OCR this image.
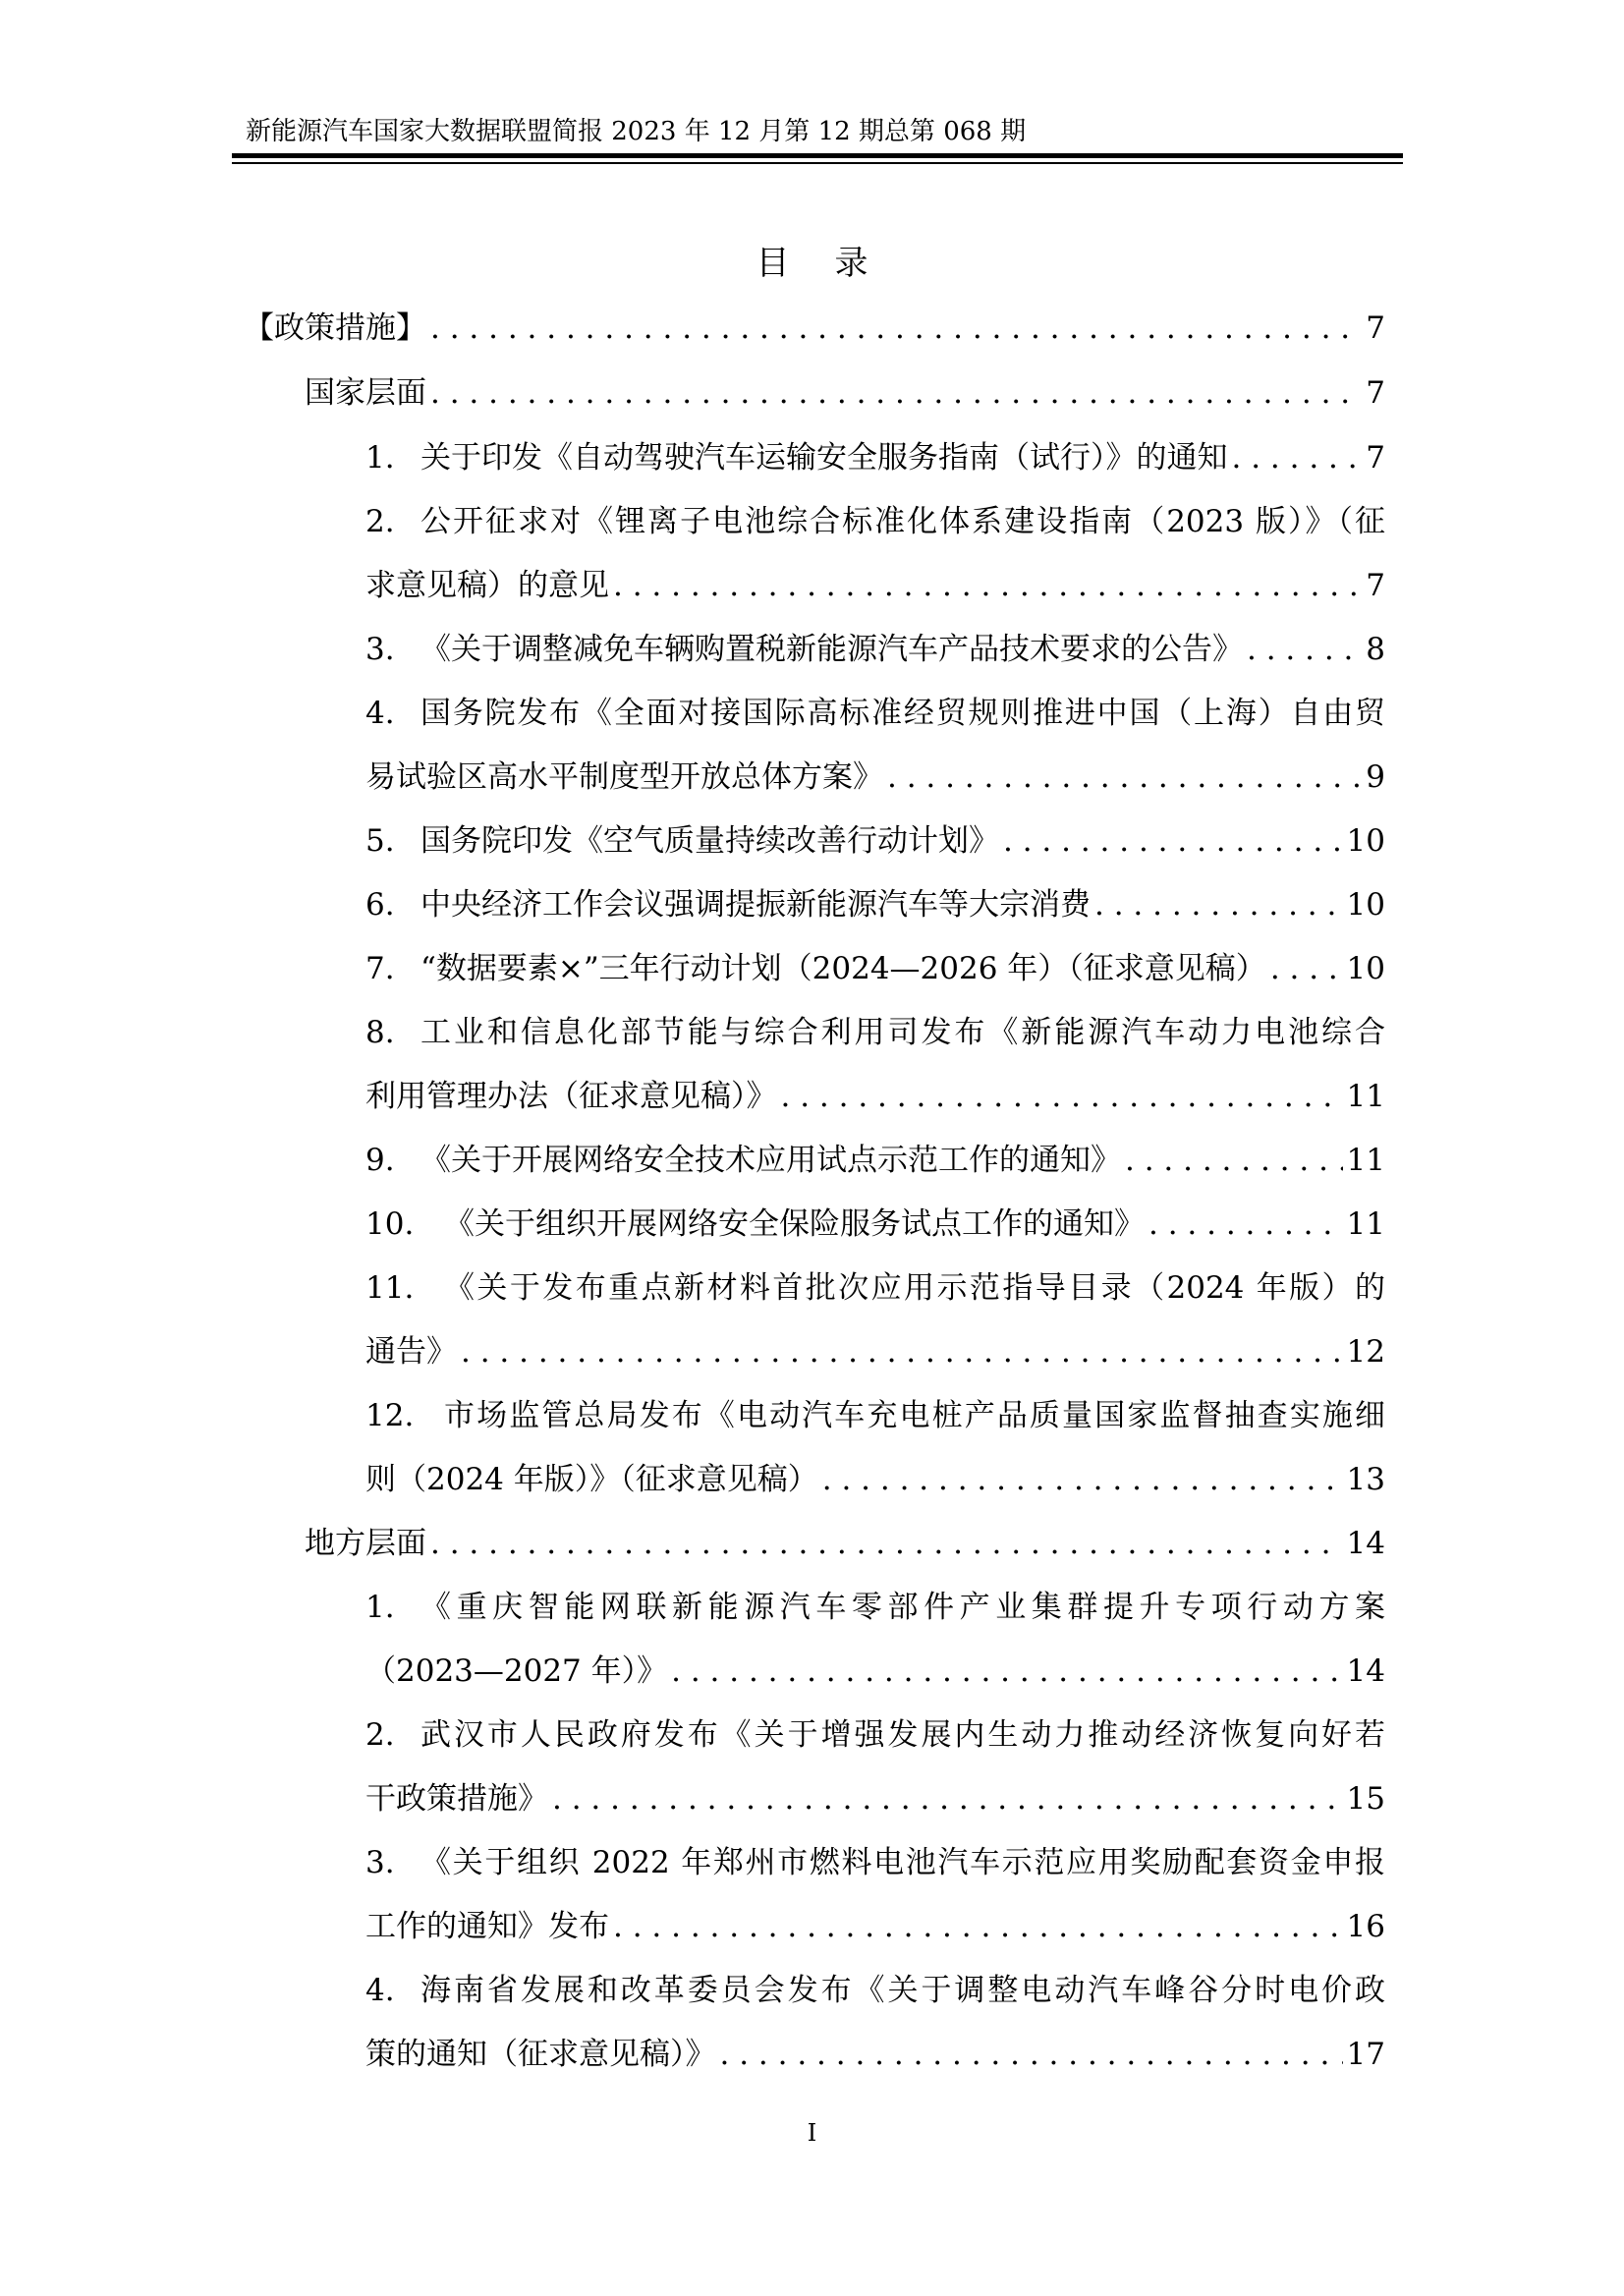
新能源汽车国家大数据联盟简报 2023 年 12 月第 12 期总第 068 期
目录
【政策措施】 . . .	7
国家层面 . . .	7
1. 关于印发《自动驾驶汽车运输安全服务指南（试行）》的通知 . . .	7
2. 公开征求对《锂离子电池综合标准化体系建设指南（2023 版）》（征
求意见稿）的意见 . . .	7
3. 《关于调整减免车辆购置税新能源汽车产品技术要求的公告》 . . .	8
4. 国务院发布《全面对接国际高标准经贸规则推进中国（上海）自由贸
易试验区高水平制度型开放总体方案》 . . .	9
5. 国务院印发《空气质量持续改善行动计划》 . . .	10
6. 中央经济工作会议强调提振新能源汽车等大宗消费 . . .	10
7. “数据要素×”三年行动计划（2024—2026 年）（征求意见稿） . . .	10
8. 工业和信息化部节能与综合利用司发布《新能源汽车动力电池综合
利用管理办法（征求意见稿）》 . . .	11
9. 《关于开展网络安全技术应用试点示范工作的通知》 . . .	11
10. 《关于组织开展网络安全保险服务试点工作的通知》 . . .	11
11. 《关于发布重点新材料首批次应用示范指导目录（2024 年版）的
通告》 . . .	12
12. 市场监管总局发布《电动汽车充电桩产品质量国家监督抽查实施细
则（2024 年版）》（征求意见稿） . . .	13
地方层面 . . .	14
1. 《重庆智能网联新能源汽车零部件产业集群提升专项行动方案
（2023—2027 年）》 . . .	14
2. 武汉市人民政府发布《关于增强发展内生动力推动经济恢复向好若
干政策措施》 . . .	15
3. 《关于组织 2022 年郑州市燃料电池汽车示范应用奖励配套资金申报
工作的通知》发布 . . .	16
4. 海南省发展和改革委员会发布《关于调整电动汽车峰谷分时电价政
策的通知（征求意见稿）》 . . .	17
I
